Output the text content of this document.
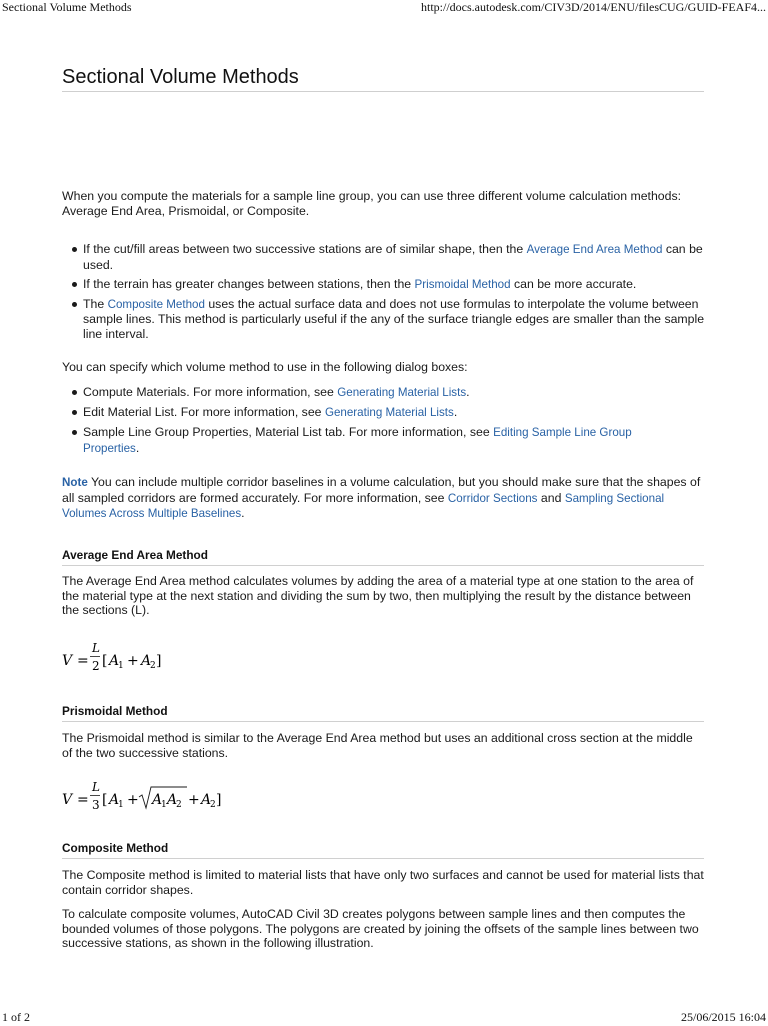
Sectional Volume Methods	http://docs.autodesk.com/CIV3D/2014/ENU/filesCUG/GUID-FEAF4...
Sectional Volume Methods

When you compute the materials for a sample line group, you can use three different volume calculation methods:
Average End Area, Prismoidal, or Composite.

If the cut/fill areas between two successive stations are of similar shape, then the Average End Area Method can be used.
If the terrain has greater changes between stations, then the Prismoidal Method can be more accurate.
The Composite Method uses the actual surface data and does not use formulas to interpolate the volume between sample lines. This method is particularly useful if the any of the surface triangle edges are smaller than the sample line interval.

You can specify which volume method to use in the following dialog boxes:

Compute Materials. For more information, see Generating Material Lists.
Edit Material List. For more information, see Generating Material Lists.
Sample Line Group Properties, Material List tab. For more information, see Editing Sample Line Group Properties.

Note You can include multiple corridor baselines in a volume calculation, but you should make sure that the shapes of all sampled corridors are formed accurately. For more information, see Corridor Sections and Sampling Sectional Volumes Across Multiple Baselines.

Average End Area Method

The Average End Area method calculates volumes by adding the area of a material type at one station to the area of the material type at the next station and dividing the sum by two, then multiplying the result by the distance between the sections (L).

V =
L
2 [ A
1 + A
2 ]
Prismoidal Method

The Prismoidal method is similar to the Average End Area method but uses an additional cross section at the middle of the two successive stations.

V =
L
3 [ A
1 + A
1 A
2 + A
2 ]
Composite Method

The Composite method is limited to material lists that have only two surfaces and cannot be used for material lists that contain corridor shapes.

To calculate composite volumes, AutoCAD Civil 3D creates polygons between sample lines and then computes the bounded volumes of those polygons. The polygons are created by joining the offsets of the sample lines between two successive stations, as shown in the following illustration.

1 of 2	25/06/2015 16:04
